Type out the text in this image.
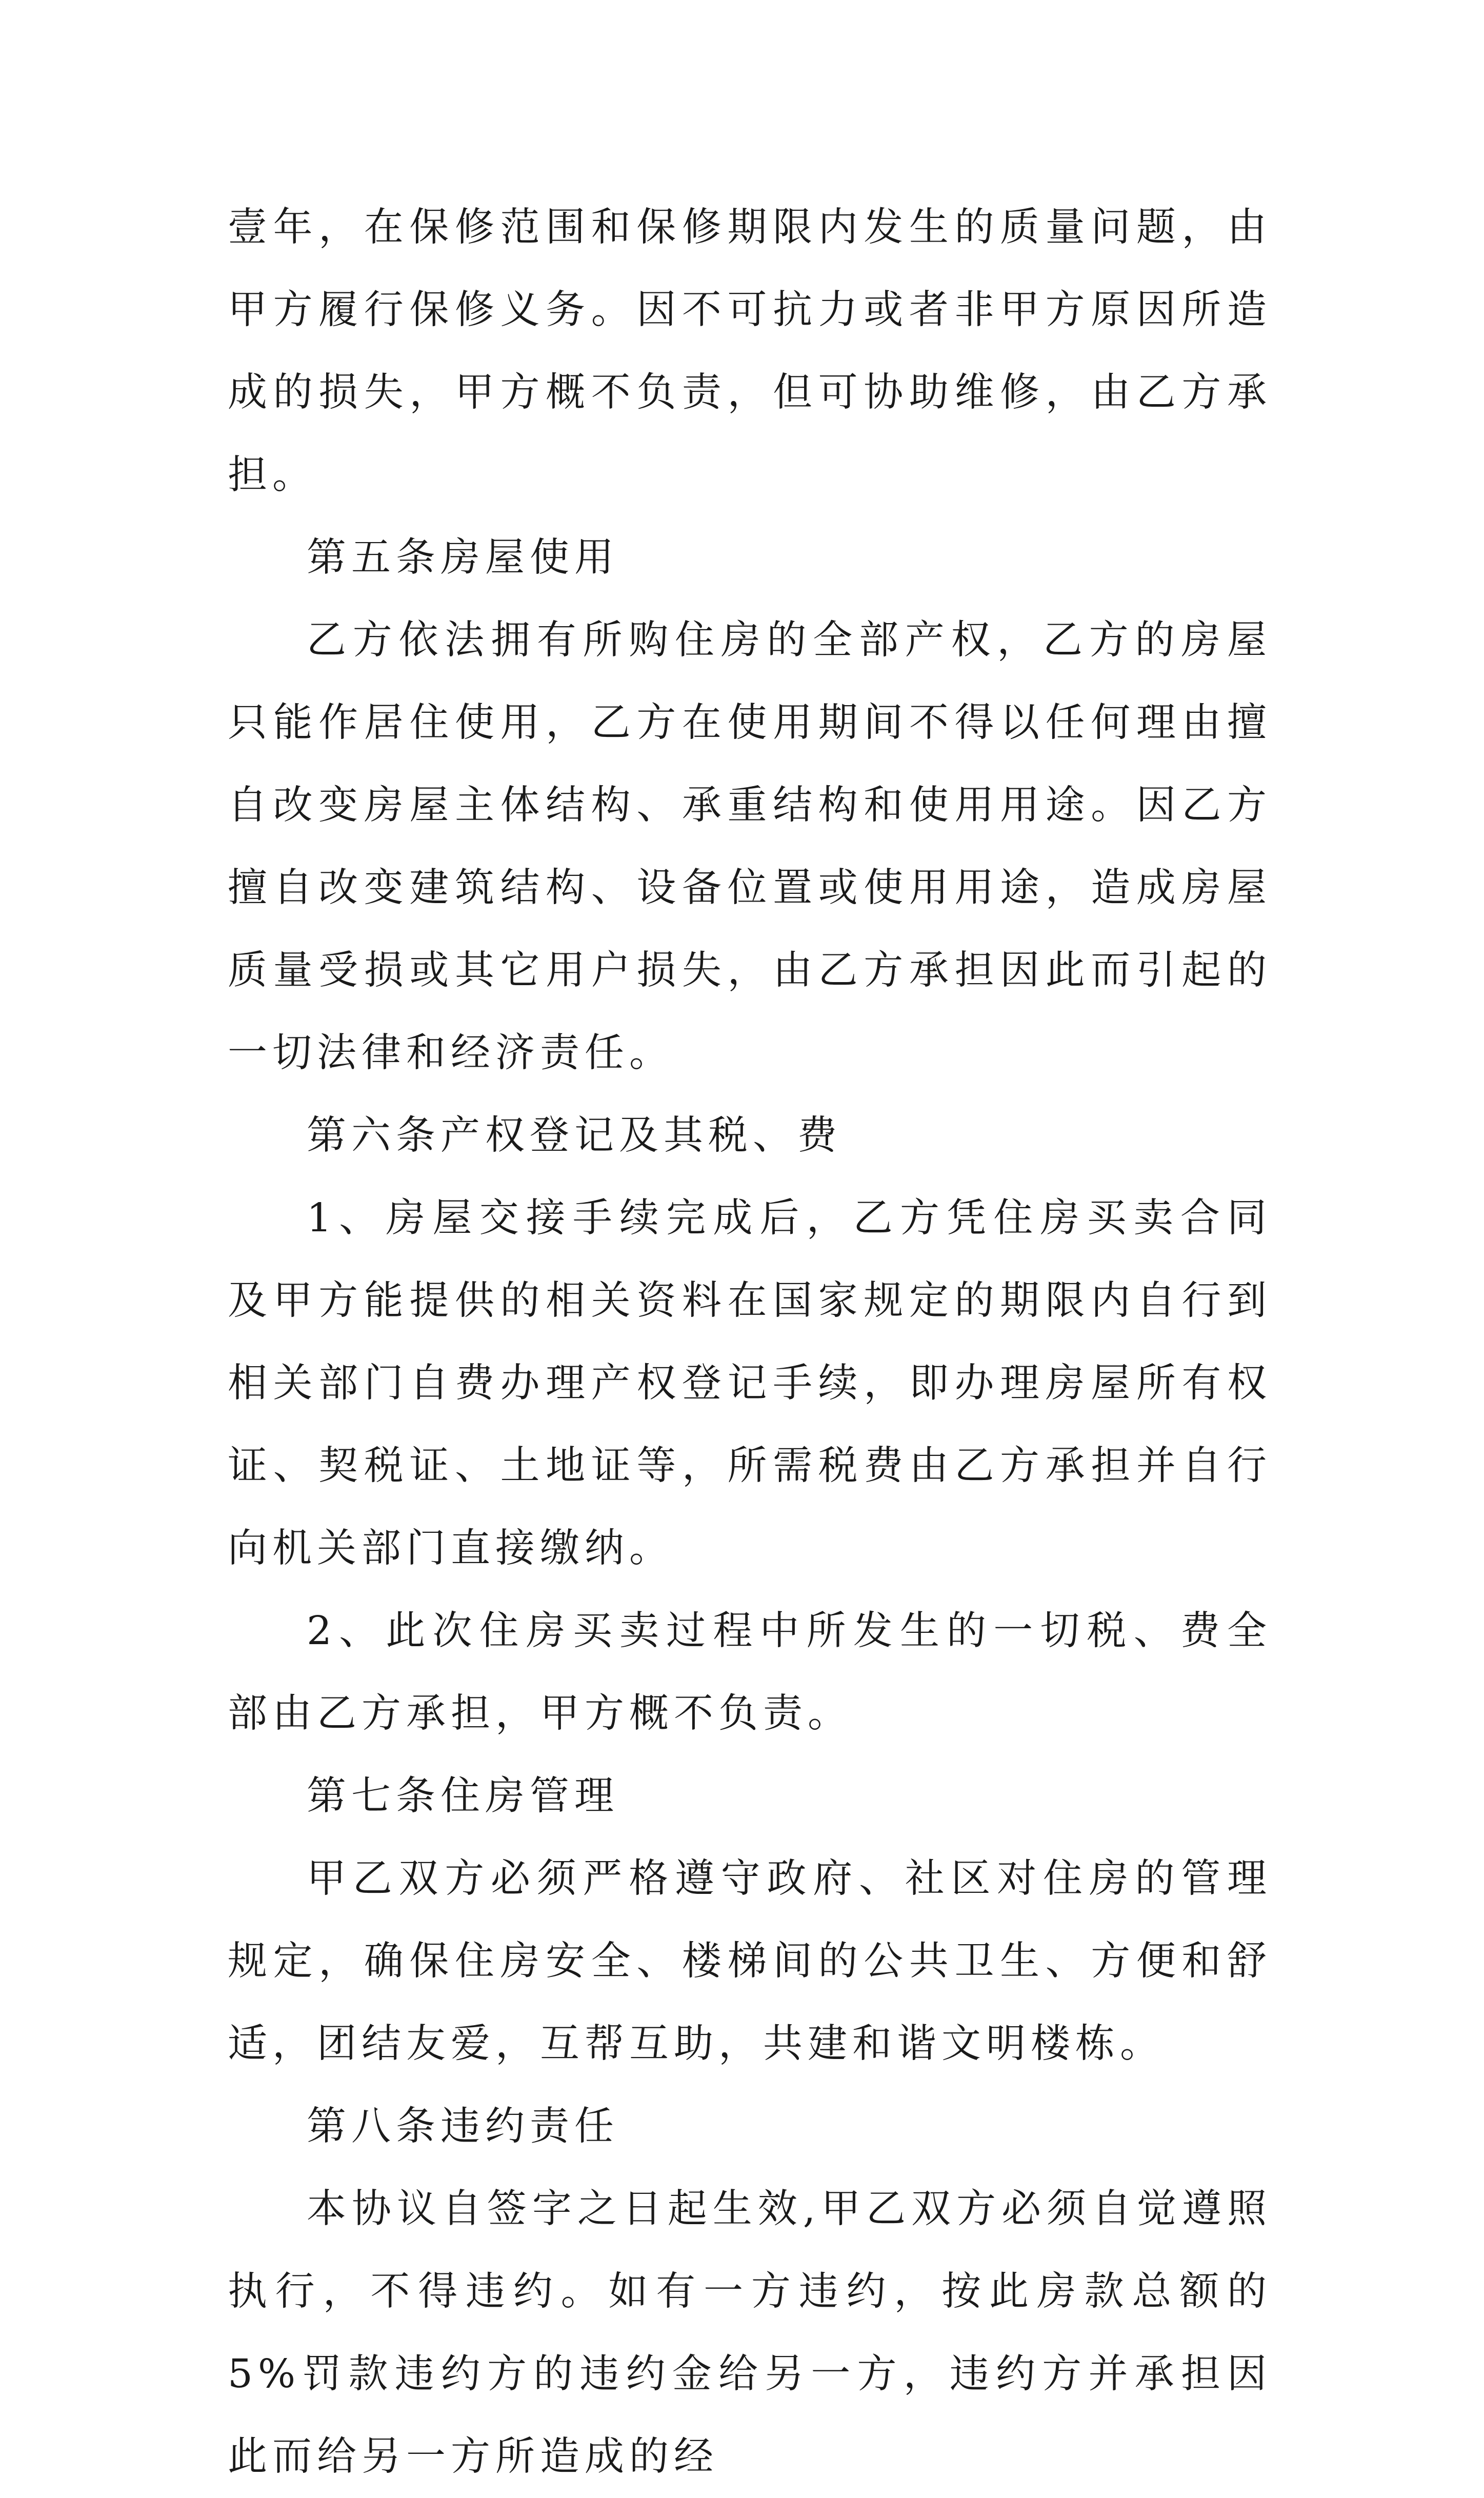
壹年，在保修范围和保修期限内发生的质量问题，由甲方履行保修义务。因不可抗力或者非甲方原因所造成的损失，甲方概不负责，但可协助维修，由乙方承担。

第五条房屋使用

乙方依法拥有所购住房的全部产权，乙方的房屋只能作居住使用，乙方在使用期间不得以任何理由擅自改变房屋主体结构、承重结构和使用用途。因乙方擅自改变建筑结构、设备位置或使用用途，造成房屋质量受损或其它用户损失，由乙方承担因此而引起的一切法律和经济责任。

第六条产权登记及其税、费

1、房屋交接手续完成后，乙方凭住房买卖合同及甲方能提供的相关资料在国家规定的期限内自行到相关部门自费办理产权登记手续，即办理房屋所有权证、契税证、土地证等，所需税费由乙方承担并自行向机关部门直接缴纳。

2、此次住房买卖过程中所发生的一切税、费全部由乙方承担，甲方概不负责。

第七条住房管理

甲乙双方必须严格遵守政府、社区对住房的管理规定，确保住房安全、楼梯间的公共卫生、方便和舒适，团结友爱，互帮互助，共建和谐文明楼栋。

第八条违约责任

本协议自签字之日起生效,甲乙双方必须自觉遵照执行，不得违约。如有一方违约，按此房款总额的5%罚款违约方的违约金给另一方，违约方并承担因此而给另一方所造成的经
